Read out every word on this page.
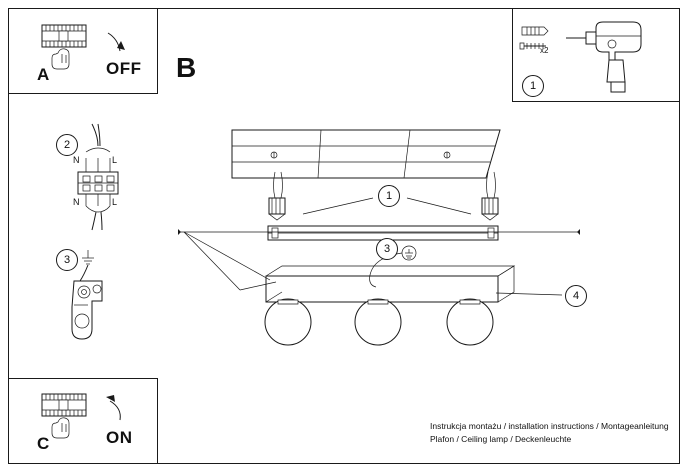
A	OFF B
1
x2
2
N	L
N	L
3
C	ON
1
3
4
Instrukcja montażu / installation instructions / Montageanleitung
Plafon / Ceiling lamp / Deckenleuchte
